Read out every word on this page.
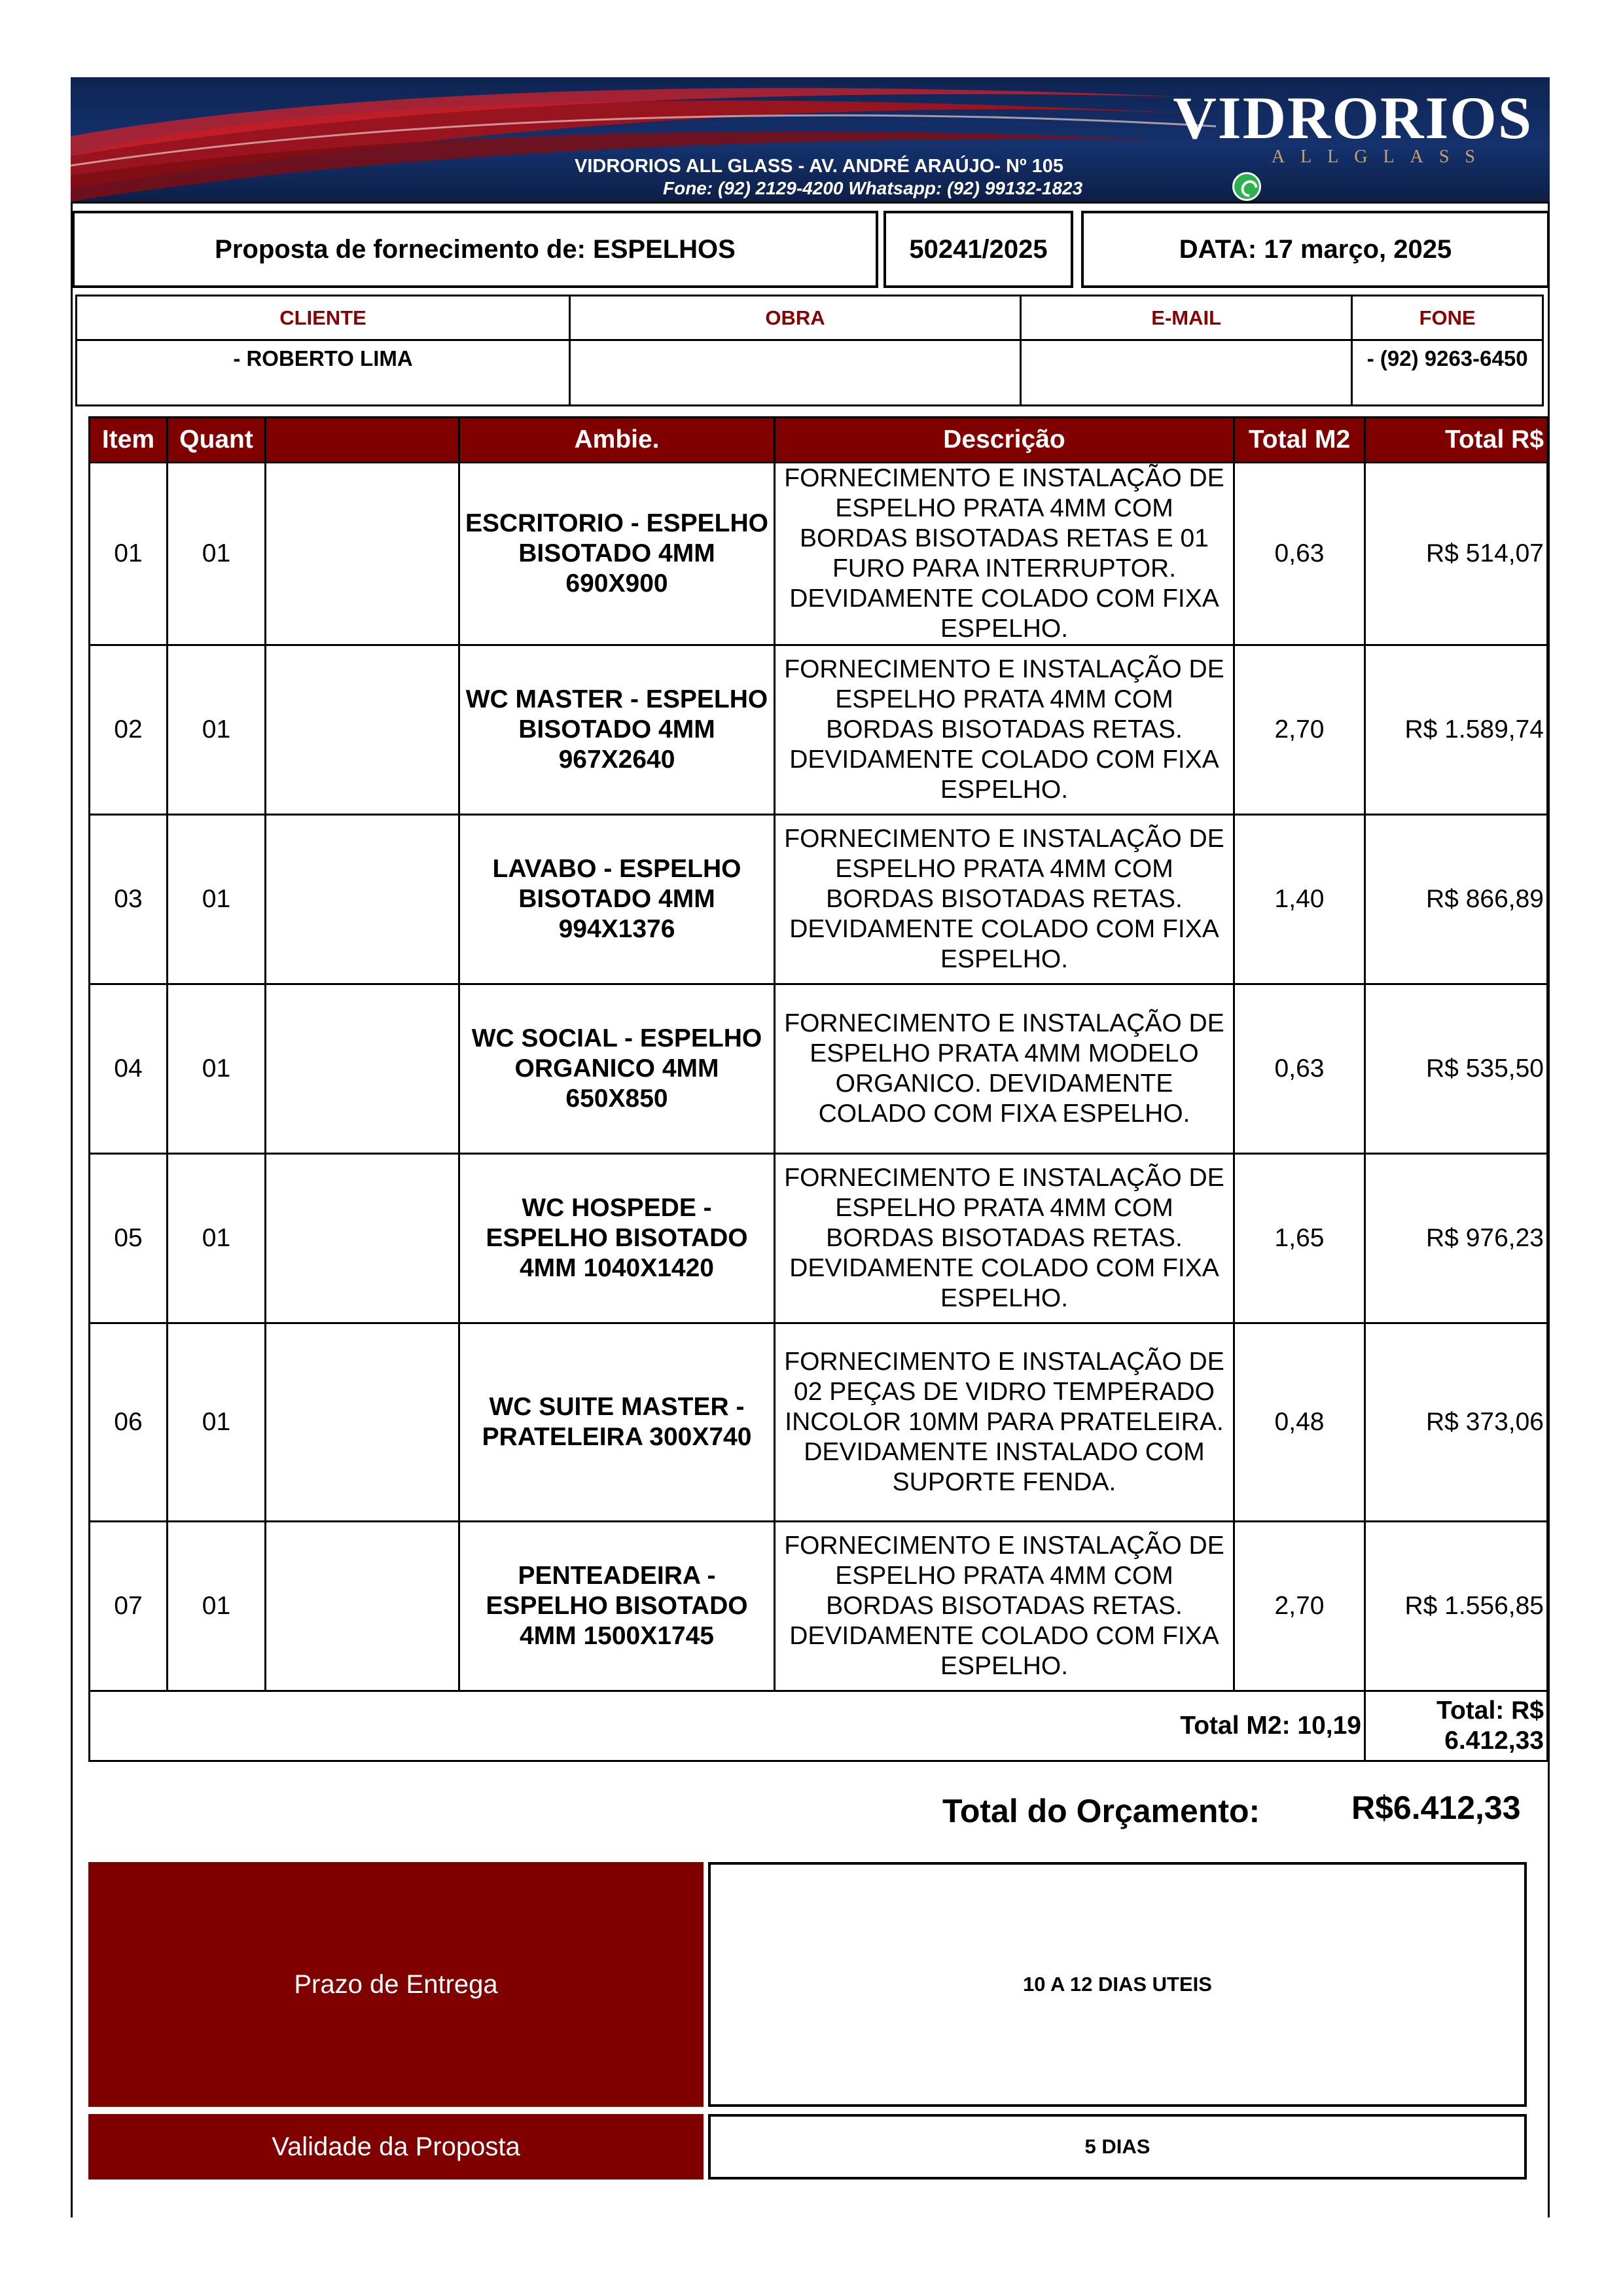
VIDRORIOS
ALLGLASS
VIDRORIOS ALL GLASS - AV. ANDRÉ ARAÚJO- Nº 105
Fone: (92) 2129-4200 Whatsapp: (92) 99132-1823
Proposta de fornecimento de: ESPELHOS	50241/2025	DATA: 17 março, 2025
CLIENTE	OBRA	E-MAIL	FONE
- ROBERTO LIMA			- (92) 9263-6450
Item	Quant		Ambie.	Descrição	Total M2	Total R$
01	01		ESCRITORIO - ESPELHO BISOTADO 4MM 690X900	FORNECIMENTO E INSTALAÇÃO DE ESPELHO PRATA 4MM COM BORDAS BISOTADAS RETAS E 01 FURO PARA INTERRUPTOR. DEVIDAMENTE COLADO COM FIXA ESPELHO.	0,63	R$ 514,07
02	01		WC MASTER - ESPELHO BISOTADO 4MM 967X2640	FORNECIMENTO E INSTALAÇÃO DE ESPELHO PRATA 4MM COM BORDAS BISOTADAS RETAS. DEVIDAMENTE COLADO COM FIXA ESPELHO.	2,70	R$ 1.589,74
03	01		LAVABO - ESPELHO BISOTADO 4MM 994X1376	FORNECIMENTO E INSTALAÇÃO DE ESPELHO PRATA 4MM COM BORDAS BISOTADAS RETAS. DEVIDAMENTE COLADO COM FIXA ESPELHO.	1,40	R$ 866,89
04	01		WC SOCIAL - ESPELHO ORGANICO 4MM 650X850	FORNECIMENTO E INSTALAÇÃO DE ESPELHO PRATA 4MM MODELO ORGANICO. DEVIDAMENTE COLADO COM FIXA ESPELHO.	0,63	R$ 535,50
05	01		WC HOSPEDE - ESPELHO BISOTADO 4MM 1040X1420	FORNECIMENTO E INSTALAÇÃO DE ESPELHO PRATA 4MM COM BORDAS BISOTADAS RETAS. DEVIDAMENTE COLADO COM FIXA ESPELHO.	1,65	R$ 976,23
06	01		WC SUITE MASTER - PRATELEIRA 300X740	FORNECIMENTO E INSTALAÇÃO DE 02 PEÇAS DE VIDRO TEMPERADO INCOLOR 10MM PARA PRATELEIRA. DEVIDAMENTE INSTALADO COM SUPORTE FENDA.	0,48	R$ 373,06
07	01		PENTEADEIRA - ESPELHO BISOTADO 4MM 1500X1745	FORNECIMENTO E INSTALAÇÃO DE ESPELHO PRATA 4MM COM BORDAS BISOTADAS RETAS. DEVIDAMENTE COLADO COM FIXA ESPELHO.	2,70	R$ 1.556,85
Total M2: 10,19						Total: R$ 6.412,33
Total do Orçamento:	R$6.412,33
Prazo de Entrega	10 A 12 DIAS UTEIS
Validade da Proposta	5 DIAS
